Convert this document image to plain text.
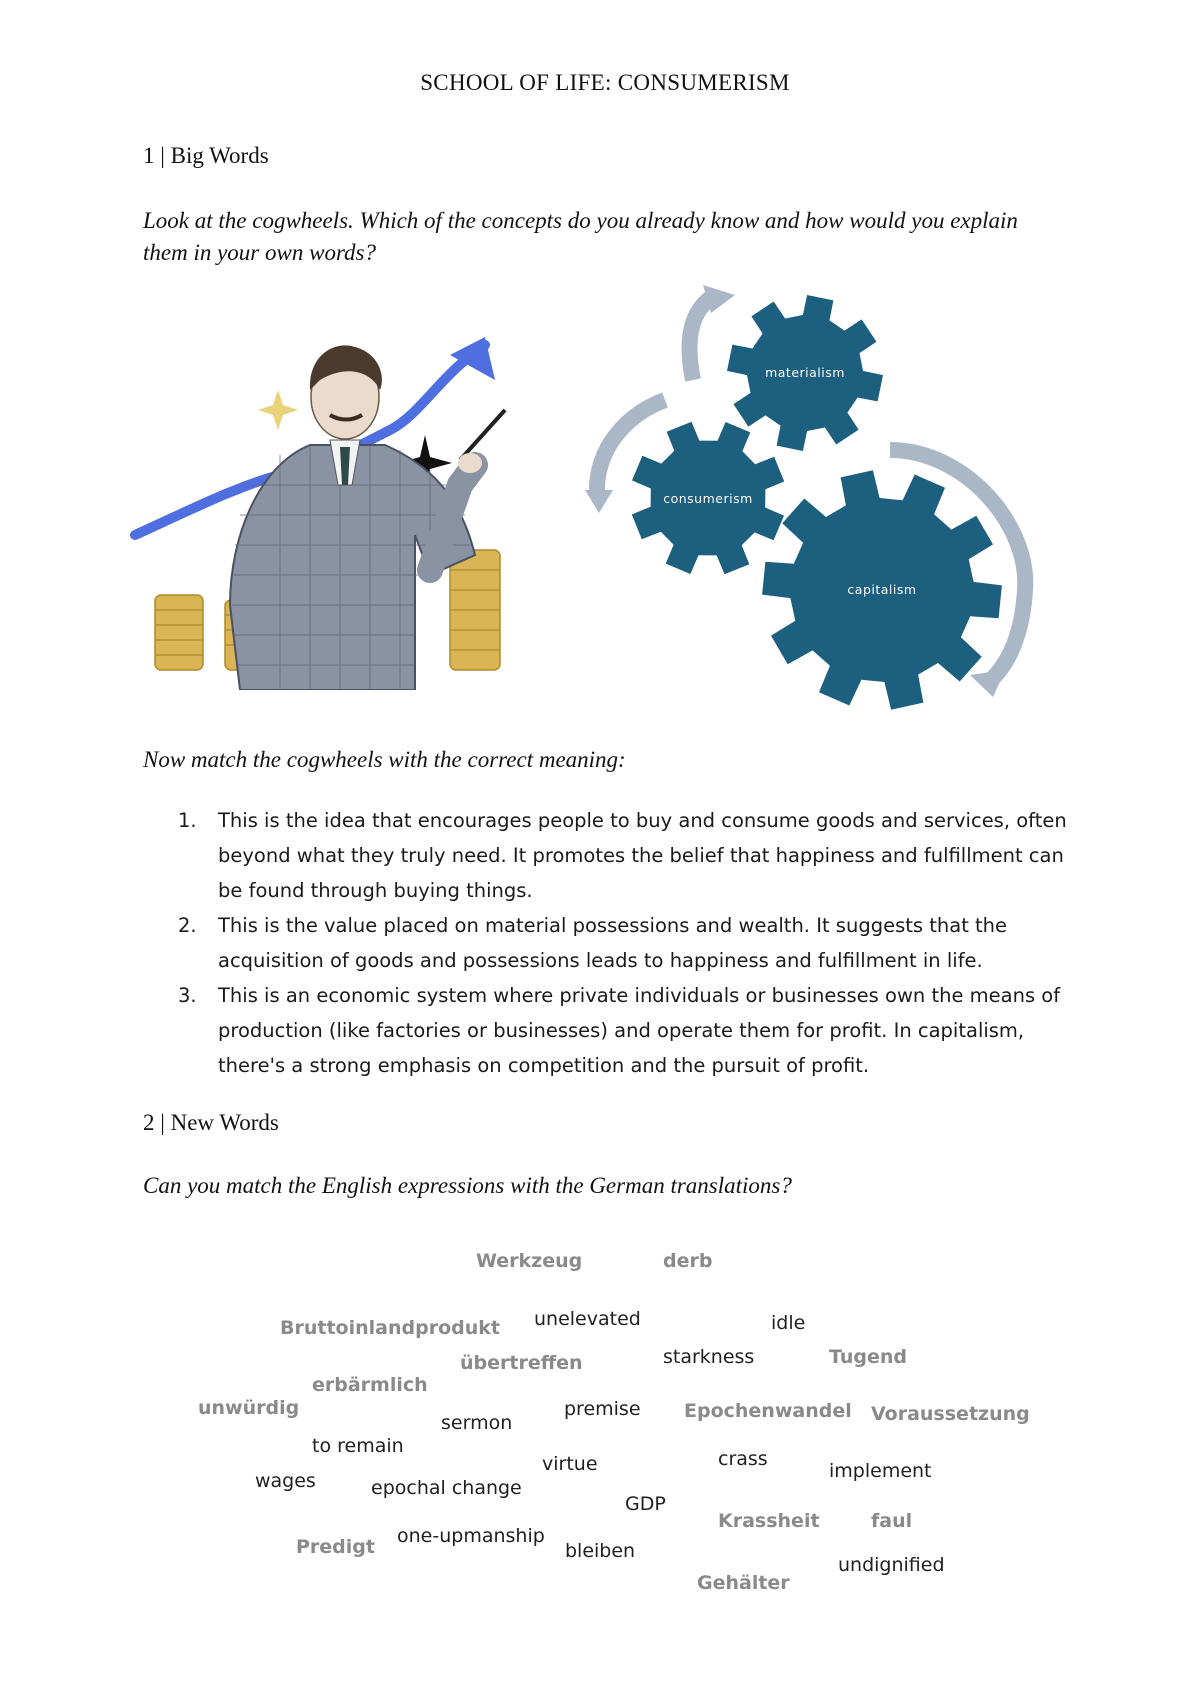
SCHOOL OF LIFE: CONSUMERISM
1 | Big Words
Look at the cogwheels. Which of the concepts do you already know and how would you explain them in your own words?
materialism
consumerism
capitalism
Now match the cogwheels with the correct meaning:
1. This is the idea that encourages people to buy and consume goods and services, often beyond what they truly need. It promotes the belief that happiness and fulfillment can be found through buying things.
2. This is the value placed on material possessions and wealth. It suggests that the acquisition of goods and possessions leads to happiness and fulfillment in life.
3. This is an economic system where private individuals or businesses own the means of production (like factories or businesses) and operate them for profit. In capitalism, there's a strong emphasis on competition and the pursuit of profit.
2 | New Words
Can you match the English expressions with the German translations?
Werkzeug	derb
Bruttoinlandprodukt
übertreffen	Tugend
erbärmlich
unwürdig	Epochenwandel Voraussetzung
Krassheit	faul
Predigt
Gehälter
unelevated	idle
starkness
sermon
premise
to remain
virtue	crass
implement
wages	epochal change
GDP
one-upmanship
bleiben
undignified
